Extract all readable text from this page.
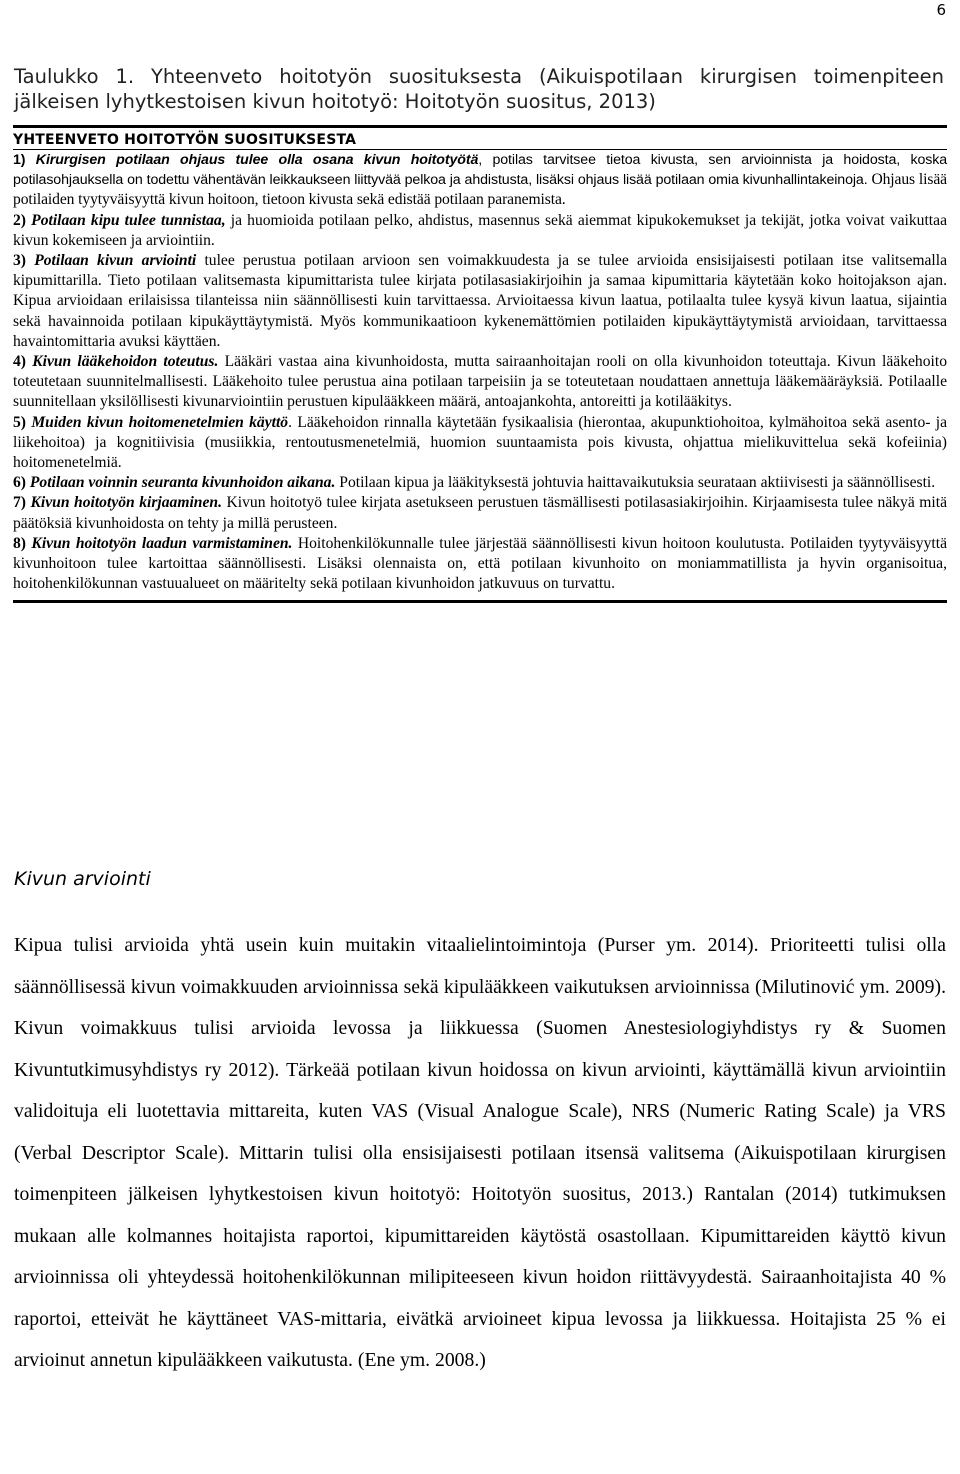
6
Taulukko 1. Yhteenveto hoitotyön suosituksesta (Aikuispotilaan kirurgisen toimenpiteen jälkeisen lyhytkestoisen kivun hoitotyö: Hoitotyön suositus, 2013)
YHTEENVETO HOITOTYÖN SUOSITUKSESTA

1) Kirurgisen potilaan ohjaus tulee olla osana kivun hoitotyötä, potilas tarvitsee tietoa kivusta, sen arvioinnista ja hoidosta, koska potilasohjauksella on todettu vähentävän leikkaukseen liittyvää pelkoa ja ahdistusta, lisäksi ohjaus lisää potilaan omia kivunhallintakeinoja. Ohjaus lisää potilaiden tyytyväisyyttä kivun hoitoon, tietoon kivusta sekä edistää potilaan paranemista.

2) Potilaan kipu tulee tunnistaa, ja huomioida potilaan pelko, ahdistus, masennus sekä aiemmat kipukokemukset ja tekijät, jotka voivat vaikuttaa kivun kokemiseen ja arviointiin.

3) Potilaan kivun arviointi tulee perustua potilaan arvioon sen voimakkuudesta ja se tulee arvioida ensisijaisesti potilaan itse valitsemalla kipumittarilla. Tieto potilaan valitsemasta kipumittarista tulee kirjata potilasasiakirjoihin ja samaa kipumittaria käytetään koko hoitojakson ajan. Kipua arvioidaan erilaisissa tilanteissa niin säännöllisesti kuin tarvittaessa. Arvioitaessa kivun laatua, potilaalta tulee kysyä kivun laatua, sijaintia sekä havainnoida potilaan kipukäyttäytymistä. Myös kommunikaatioon kykenemättömien potilaiden kipukäyttäytymistä arvioidaan, tarvittaessa havaintomittaria avuksi käyttäen.

4) Kivun lääkehoidon toteutus. Lääkäri vastaa aina kivunhoidosta, mutta sairaanhoitajan rooli on olla kivunhoidon toteuttaja. Kivun lääkehoito toteutetaan suunnitelmallisesti. Lääkehoito tulee perustua aina potilaan tarpeisiin ja se toteutetaan noudattaen annettuja lääkemääräyksiä. Potilaalle suunnitellaan yksilöllisesti kivunarviointiin perustuen kipulääkkeen määrä, antoajankohta, antoreitti ja kotilääkitys.

5) Muiden kivun hoitomenetelmien käyttö. Lääkehoidon rinnalla käytetään fysikaalisia (hierontaa, akupunktiohoitoa, kylmähoitoa sekä asento- ja liikehoitoa) ja kognitiivisia (musiikkia, rentoutusmenetelmiä, huomion suuntaamista pois kivusta, ohjattua mielikuvittelua sekä kofeiinia) hoitomenetelmiä.

6) Potilaan voinnin seuranta kivunhoidon aikana. Potilaan kipua ja lääkityksestä johtuvia haittavaikutuksia seurataan aktiivisesti ja säännöllisesti.

7) Kivun hoitotyön kirjaaminen. Kivun hoitotyö tulee kirjata asetukseen perustuen täsmällisesti potilasasiakirjoihin. Kirjaamisesta tulee näkyä mitä päätöksiä kivunhoidosta on tehty ja millä perusteen.

8) Kivun hoitotyön laadun varmistaminen. Hoitohenkilökunnalle tulee järjestää säännöllisesti kivun hoitoon koulutusta. Potilaiden tyytyväisyyttä kivunhoitoon tulee kartoittaa säännöllisesti. Lisäksi olennaista on, että potilaan kivunhoito on moniammatillista ja hyvin organisoitua, hoitohenkilökunnan vastuualueet on määritelty sekä potilaan kivunhoidon jatkuvuus on turvattu.

Kivun arviointi

Kipua tulisi arvioida yhtä usein kuin muitakin vitaalielintoimintoja (Purser ym. 2014). Prioriteetti tulisi olla säännöllisessä kivun voimakkuuden arvioinnissa sekä kipulääkkeen vaikutuksen arvioinnissa (Milutinović ym. 2009). Kivun voimakkuus tulisi arvioida levossa ja liikkuessa (Suomen Anestesiologiyhdistys ry & Suomen Kivuntutkimusyhdistys ry 2012). Tärkeää potilaan kivun hoidossa on kivun arviointi, käyttämällä kivun arviointiin validoituja eli luotettavia mittareita, kuten VAS (Visual Analogue Scale), NRS (Numeric Rating Scale) ja VRS (Verbal Descriptor Scale). Mittarin tulisi olla ensisijaisesti potilaan itsensä valitsema (Aikuispotilaan kirurgisen toimenpiteen jälkeisen lyhytkestoisen kivun hoitotyö: Hoitotyön suositus, 2013.) Rantalan (2014) tutkimuksen mukaan alle kolmannes hoitajista raportoi, kipumittareiden käytöstä osastollaan. Kipumittareiden käyttö kivun arvioinnissa oli yhteydessä hoitohenkilökunnan milipiteeseen kivun hoidon riittävyydestä. Sairaanhoitajista 40 % raportoi, etteivät he käyttäneet VAS-mittaria, eivätkä arvioineet kipua levossa ja liikkuessa. Hoitajista 25 % ei arvioinut annetun kipulääkkeen vaikutusta. (Ene ym. 2008.)
